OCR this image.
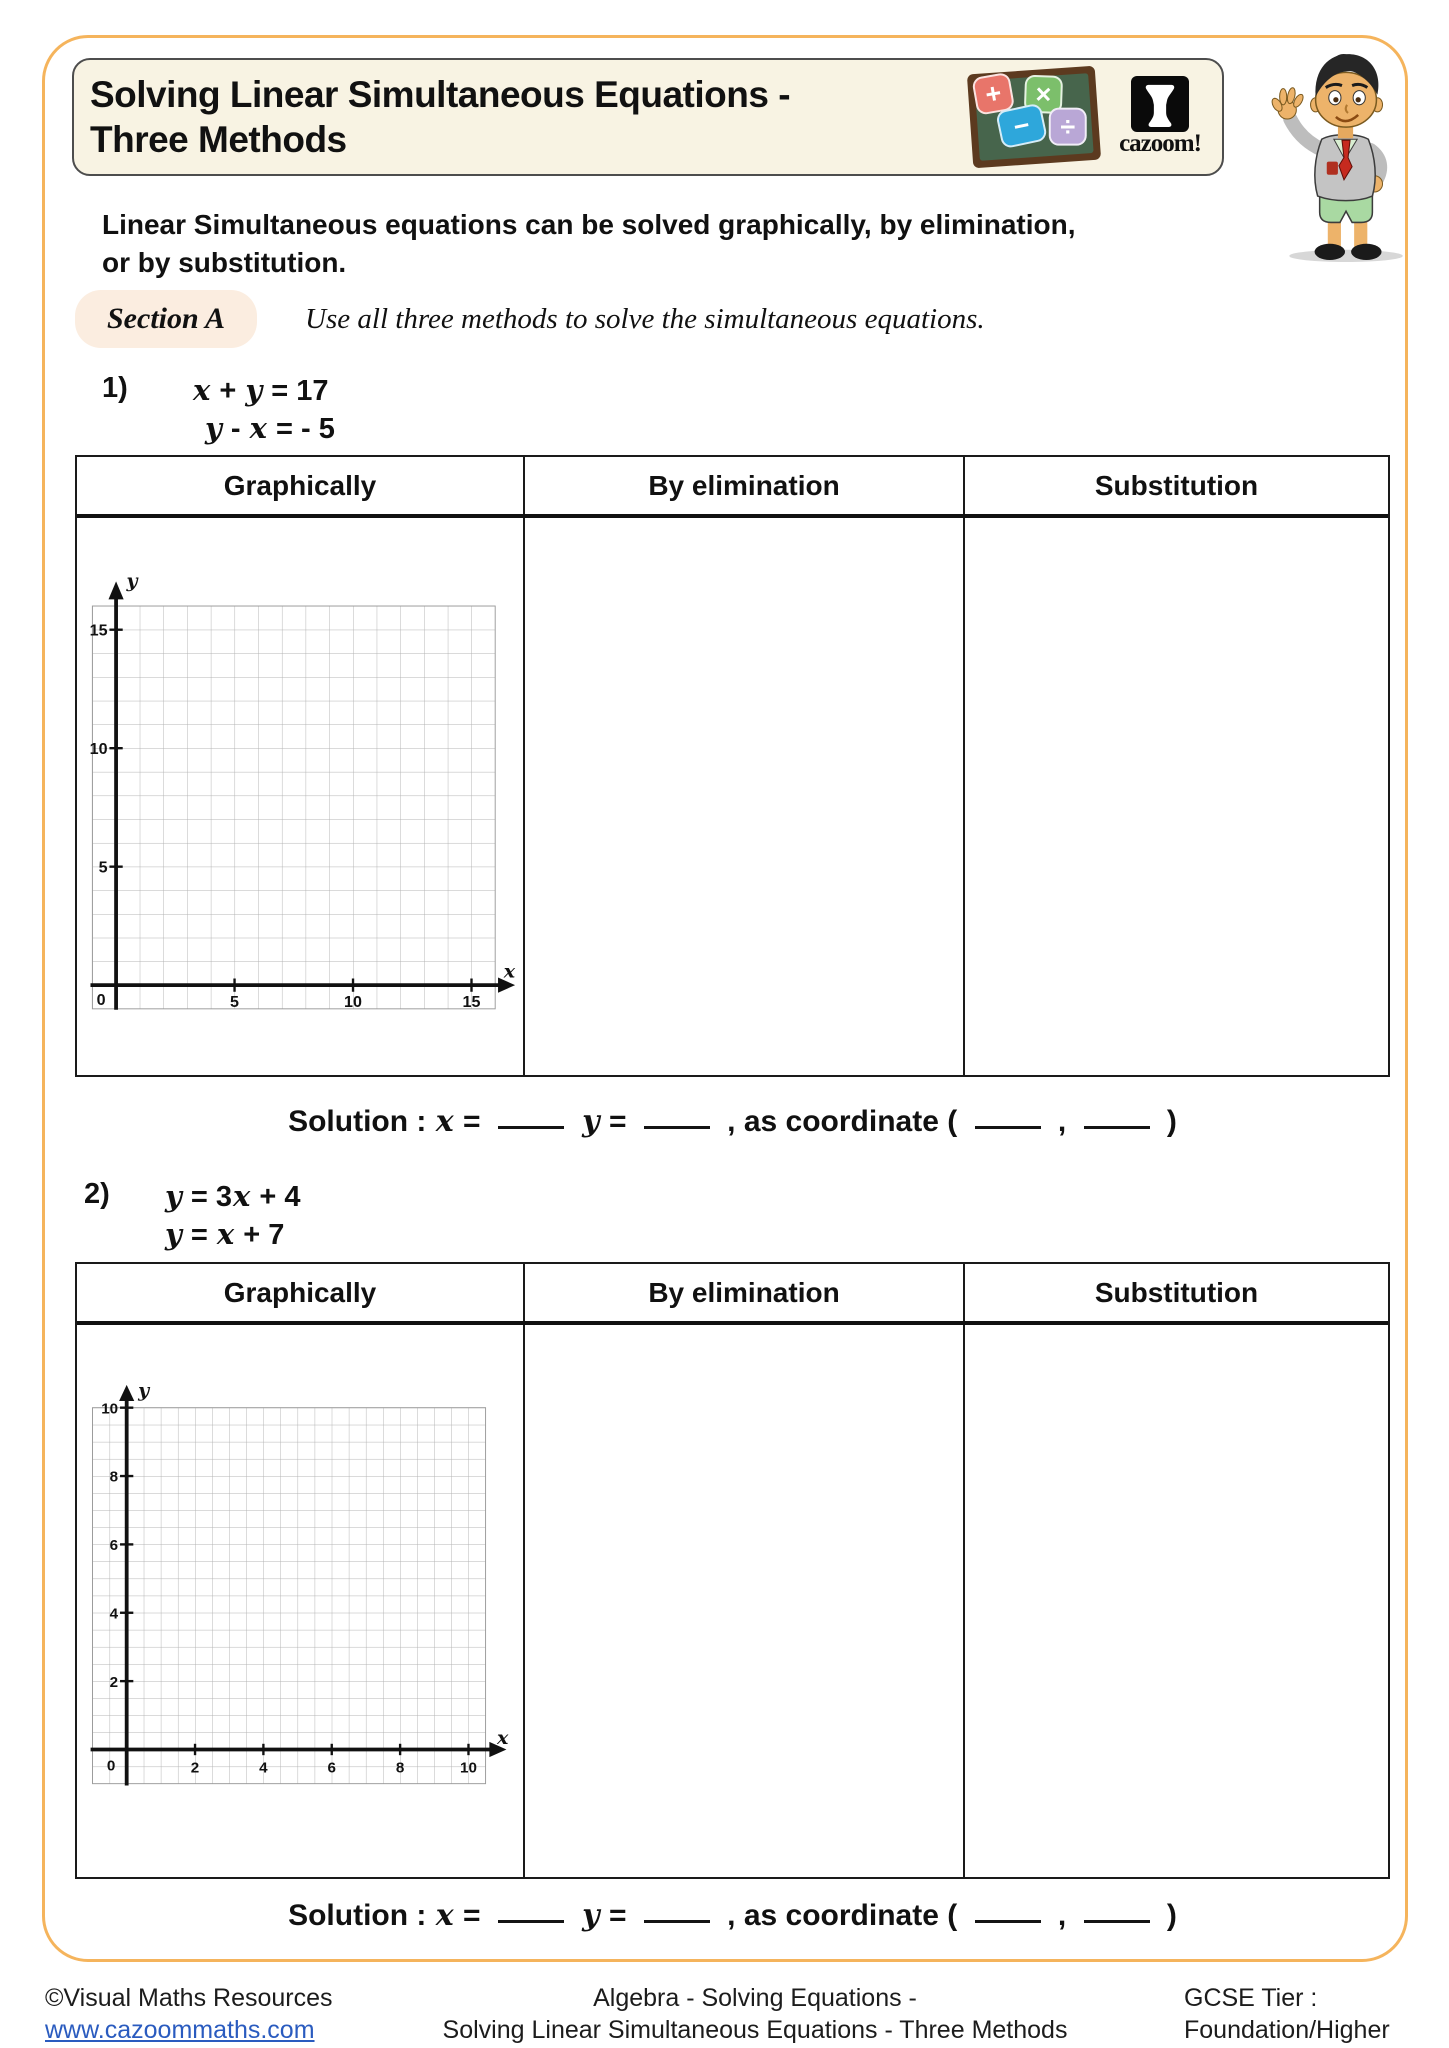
Solving Linear Simultaneous Equations -
Three Methods
+	×
−	÷
cazoom!
Linear Simultaneous equations can be solved graphically, by elimination,
or by substitution.
Section A	Use all three methods to solve the simultaneous equations.
1) x + y = 17
y - x = - 5
Graphically	By elimination	Substitution
5
10
15
5	10	15
0
y
x
Solution : x =	y =	, as coordinate (	,	)
2) y = 3x + 4
y = x + 7
Graphically	By elimination	Substitution
2
4
6
8
10
2	4	6	8	10
0
y
x
Solution : x =	y =	, as coordinate (	,	)
©Visual Maths Resources
www.cazoommaths.com
Algebra - Solving Equations -
Solving Linear Simultaneous Equations - Three Methods
GCSE Tier :
Foundation/Higher
